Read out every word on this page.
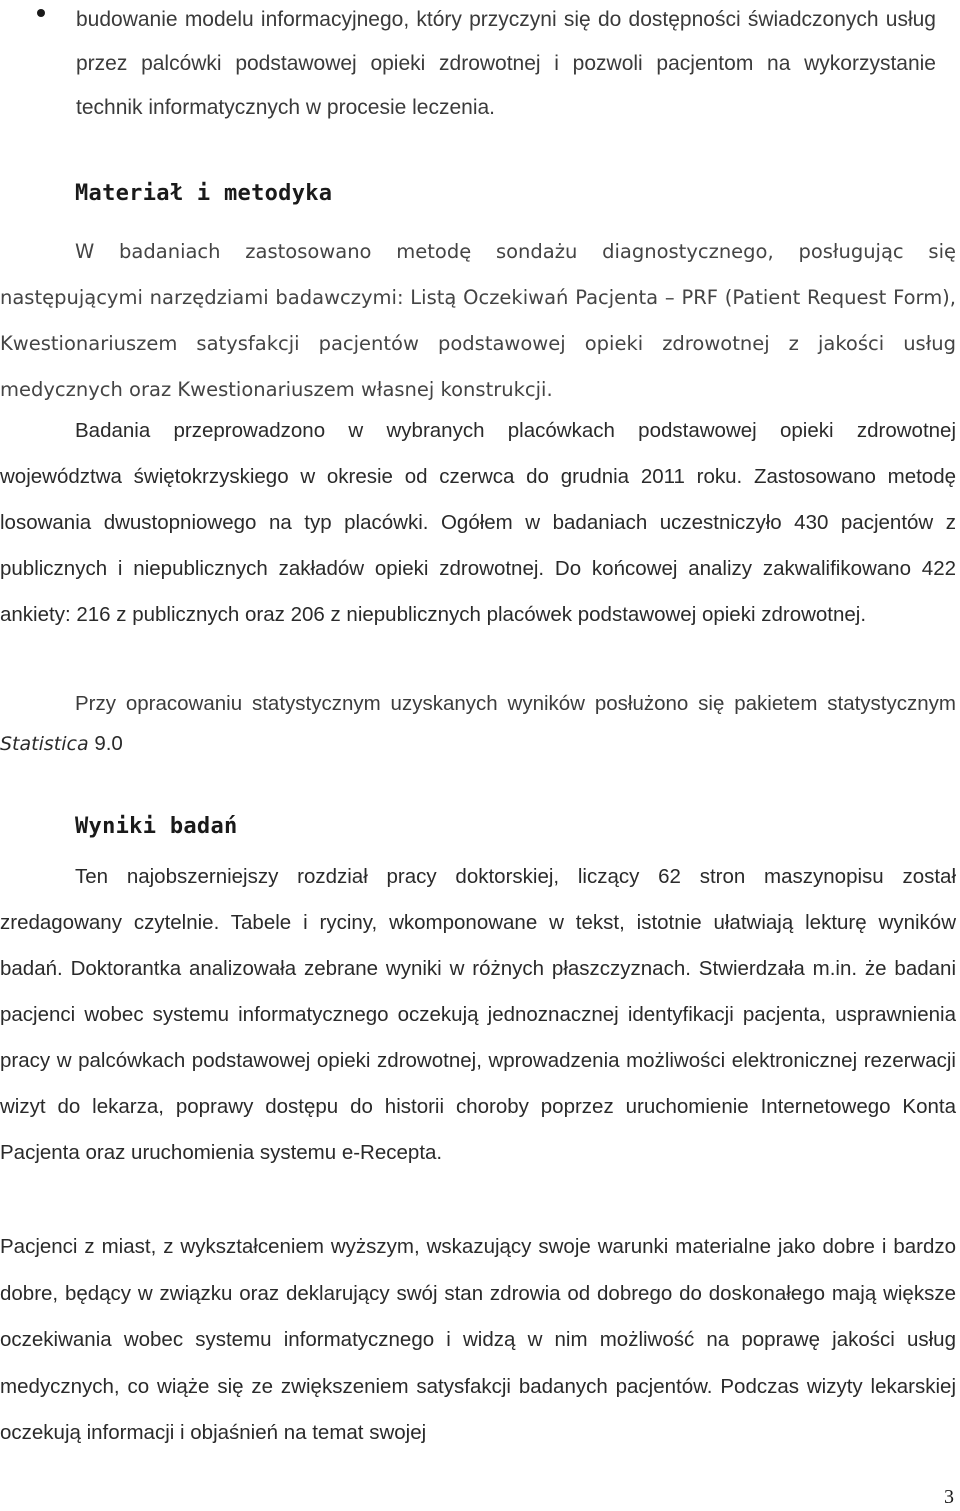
budowanie modelu informacyjnego, który przyczyni się do dostępności świadczonych usług przez palcówki podstawowej opieki zdrowotnej i pozwoli pacjentom na wykorzystanie technik informatycznych w procesie leczenia.

Materiał i metodyka

W badaniach zastosowano metodę sondażu diagnostycznego, posługując się następującymi narzędziami badawczymi: Listą Oczekiwań Pacjenta – PRF (Patient Request Form), Kwestionariuszem satysfakcji pacjentów podstawowej opieki zdrowotnej z jakości usług medycznych oraz Kwestionariuszem własnej konstrukcji.

Badania przeprowadzono w wybranych placówkach podstawowej opieki zdrowotnej województwa świętokrzyskiego w okresie od czerwca do grudnia 2011 roku. Zastosowano metodę losowania dwustopniowego na typ placówki. Ogółem w badaniach uczestniczyło 430 pacjentów z publicznych i niepublicznych zakładów opieki zdrowotnej. Do końcowej analizy zakwalifikowano 422 ankiety: 216 z publicznych oraz 206 z niepublicznych placówek podstawowej opieki zdrowotnej.

Przy opracowaniu statystycznym uzyskanych wyników posłużono się pakietem statystycznym Statistica 9.0

Wyniki badań

Ten najobszerniejszy rozdział pracy doktorskiej, liczący 62 stron maszynopisu został zredagowany czytelnie. Tabele i ryciny, wkomponowane w tekst, istotnie ułatwiają lekturę wyników badań. Doktorantka analizowała zebrane wyniki w różnych płaszczyznach. Stwierdzała m.in. że badani pacjenci wobec systemu informatycznego oczekują jednoznacznej identyfikacji pacjenta, usprawnienia pracy w palcówkach podstawowej opieki zdrowotnej, wprowadzenia możliwości elektronicznej rezerwacji wizyt do lekarza, poprawy dostępu do historii choroby poprzez uruchomienie Internetowego Konta Pacjenta oraz uruchomienia systemu e-Recepta.

Pacjenci z miast, z wykształceniem wyższym, wskazujący swoje warunki materialne jako dobre i bardzo dobre, będący w związku oraz deklarujący swój stan zdrowia od dobrego do doskonałego mają większe oczekiwania wobec systemu informatycznego i widzą w nim możliwość na poprawę jakości usług medycznych, co wiąże się ze zwiększeniem satysfakcji badanych pacjentów. Podczas wizyty lekarskiej oczekują informacji i objaśnień na temat swojej

3
